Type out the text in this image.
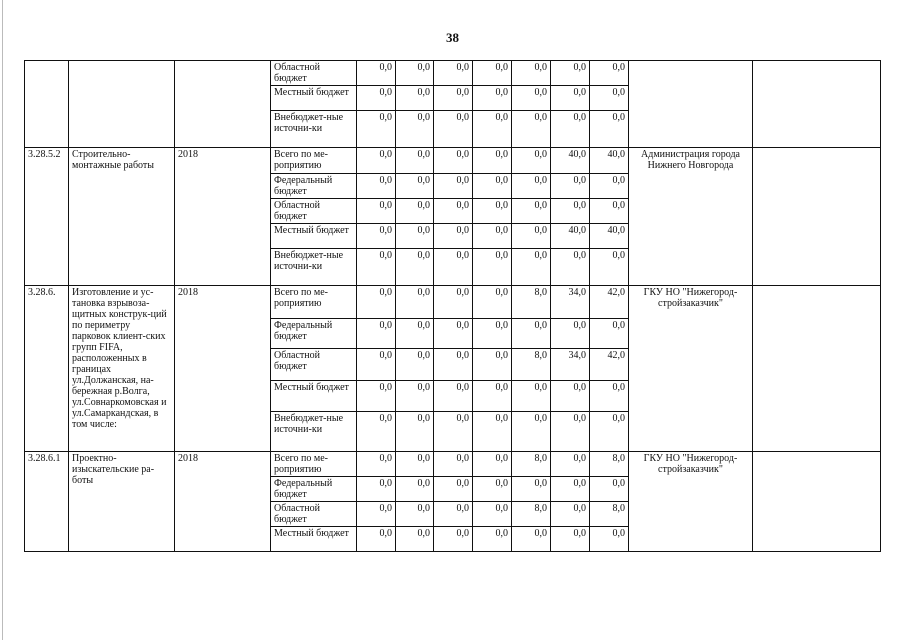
38
			Областной бюджет	0,0	0,0	0,0	0,0	0,0	0,0	0,0		
			Местный бюджет	0,0	0,0	0,0	0,0	0,0	0,0	0,0		
			Внебюджет-ные источни-ки	0,0	0,0	0,0	0,0	0,0	0,0	0,0		
3.28.5.2	Строительно-монтажные работы	2018	Всего по ме-роприятию	0,0	0,0	0,0	0,0	0,0	40,0	40,0	Администрация города Нижнего Новгорода	
			Федеральный бюджет	0,0	0,0	0,0	0,0	0,0	0,0	0,0		
			Областной бюджет	0,0	0,0	0,0	0,0	0,0	0,0	0,0		
			Местный бюджет	0,0	0,0	0,0	0,0	0,0	40,0	40,0		
			Внебюджет-ные источни-ки	0,0	0,0	0,0	0,0	0,0	0,0	0,0		
3.28.6.	Изготовление и ус-тановка взрывоза-щитных конструк-ций по периметру парковок клиент-ских групп FIFA, расположенных в границах ул.Должанская, на-бережная р.Волга, ул.Совнаркомовская и ул.Самаркандская, в том числе:	2018	Всего по ме-роприятию	0,0	0,0	0,0	0,0	8,0	34,0	42,0	ГКУ НО "Нижегород-стройзаказчик"	
			Федеральный бюджет	0,0	0,0	0,0	0,0	0,0	0,0	0,0		
			Областной бюджет	0,0	0,0	0,0	0,0	8,0	34,0	42,0		
			Местный бюджет	0,0	0,0	0,0	0,0	0,0	0,0	0,0		
			Внебюджет-ные источни-ки	0,0	0,0	0,0	0,0	0,0	0,0	0,0		
3.28.6.1	Проектно-изыскательские ра-боты	2018	Всего по ме-роприятию	0,0	0,0	0,0	0,0	8,0	0,0	8,0	ГКУ НО "Нижегород-стройзаказчик"	
			Федеральный бюджет	0,0	0,0	0,0	0,0	0,0	0,0	0,0		
			Областной бюджет	0,0	0,0	0,0	0,0	8,0	0,0	8,0		
			Местный бюджет	0,0	0,0	0,0	0,0	0,0	0,0	0,0		
